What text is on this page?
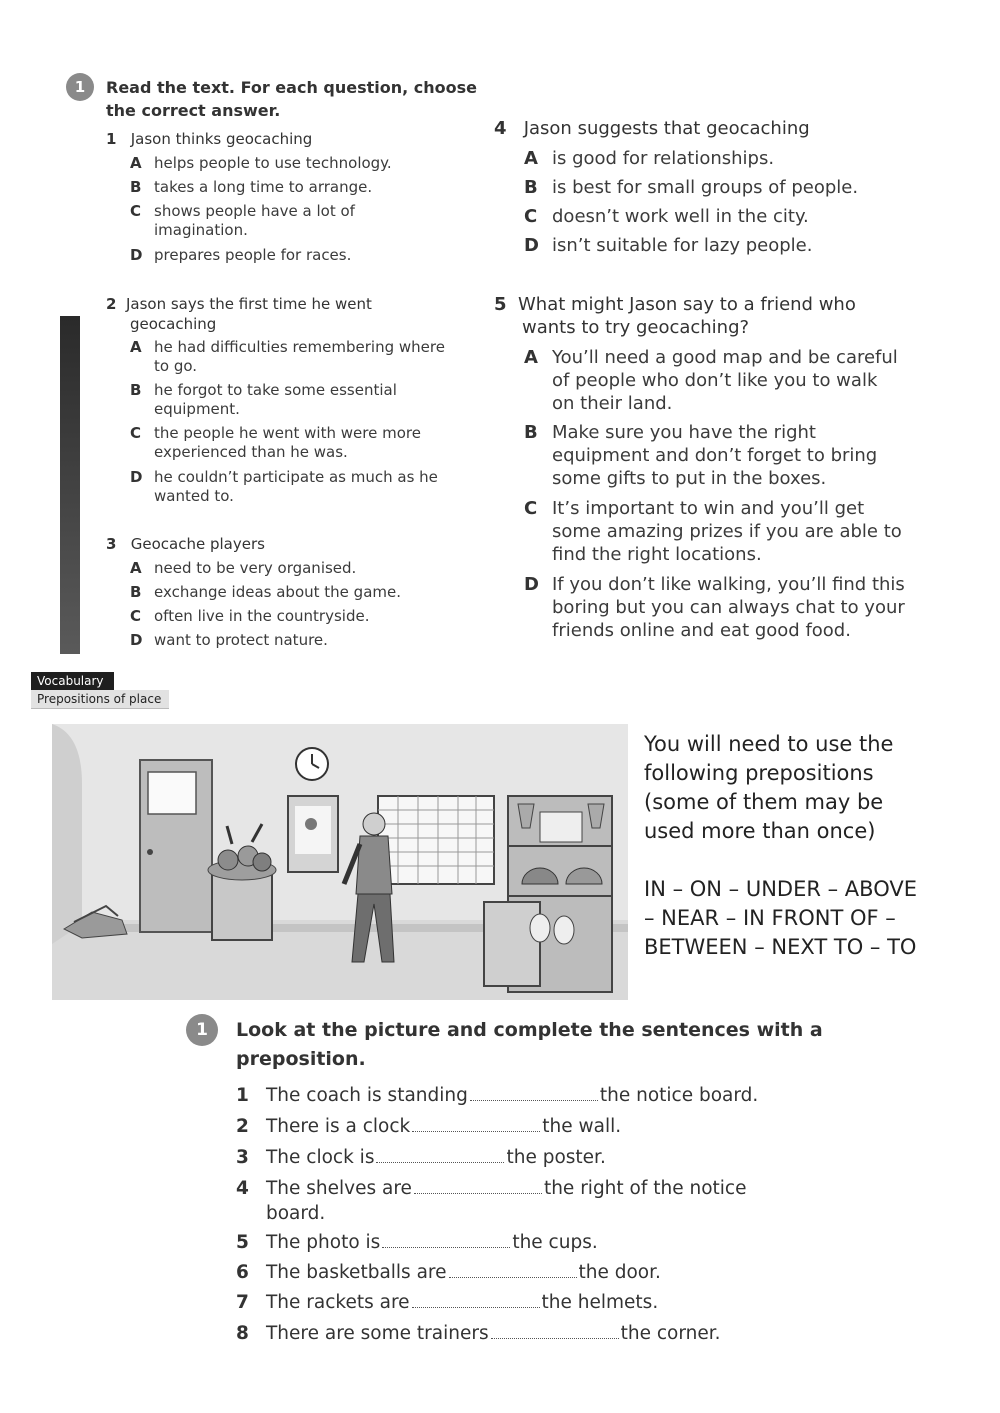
1	Read the text. For each question, choose
the correct answer.
1 Jason thinks geocaching
A helps people to use technology.
B takes a long time to arrange.
C shows people have a lot of
imagination.
D prepares people for races.
2 Jason says the first time he went
geocaching
A he had difficulties remembering where
to go.
B he forgot to take some essential
equipment.
C the people he went with were more
experienced than he was.
D he couldn’t participate as much as he
wanted to.
3 Geocache players
A need to be very organised.
B exchange ideas about the game.
C often live in the countryside.
D want to protect nature.
4 Jason suggests that geocaching
A is good for relationships.
B is best for small groups of people.
C doesn’t work well in the city.
D isn’t suitable for lazy people.
5 What might Jason say to a friend who
wants to try geocaching?
A You’ll need a good map and be careful
of people who don’t like you to walk
on their land.
B Make sure you have the right
equipment and don’t forget to bring
some gifts to put in the boxes.
C It’s important to win and you’ll get
some amazing prizes if you are able to
find the right locations.
D If you don’t like walking, you’ll find this
boring but you can always chat to your
friends online and eat good food.
Vocabulary
Prepositions of place
You will need to use the
following prepositions
(some of them may be
used more than once)
IN – ON – UNDER – ABOVE
– NEAR – IN FRONT OF –
BETWEEN – NEXT TO – TO
1	Look at the picture and complete the sentences with a
preposition.
1 The coach is standing	the notice board.
2 There is a clock	the wall.
3 The clock is	the poster.
4 The shelves are	the right of the notice
board.
5 The photo is	the cups.
6 The basketballs are	the door.
7 The rackets are	the helmets.
8 There are some trainers	the corner.
